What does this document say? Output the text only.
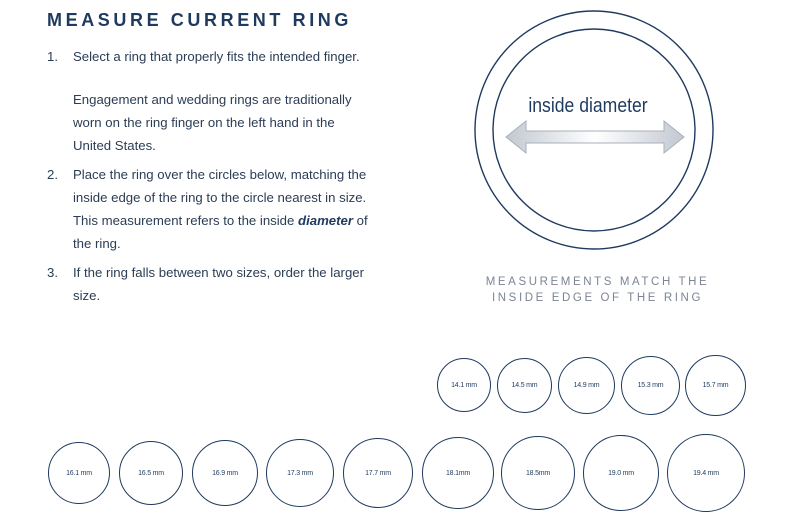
MEASURE CURRENT RING
1. Select a ring that properly fits the intended finger.
Engagement and wedding rings are traditionally worn on the ring finger on the left hand in the United States.
2. Place the ring over the circles below, matching the inside edge of the ring to the circle nearest in size. This measurement refers to the inside diameter of the ring.
3. If the ring falls between two sizes, order the larger size.
inside diameter
MEASUREMENTS MATCH THE
INSIDE EDGE OF THE RING
14.1 mm	14.5 mm	14.9 mm	15.3 mm	15.7 mm
16.1 mm	16.5 mm	16.9 mm	17.3 mm	17.7 mm	18.1mm	18.5mm	19.0 mm	19.4 mm
